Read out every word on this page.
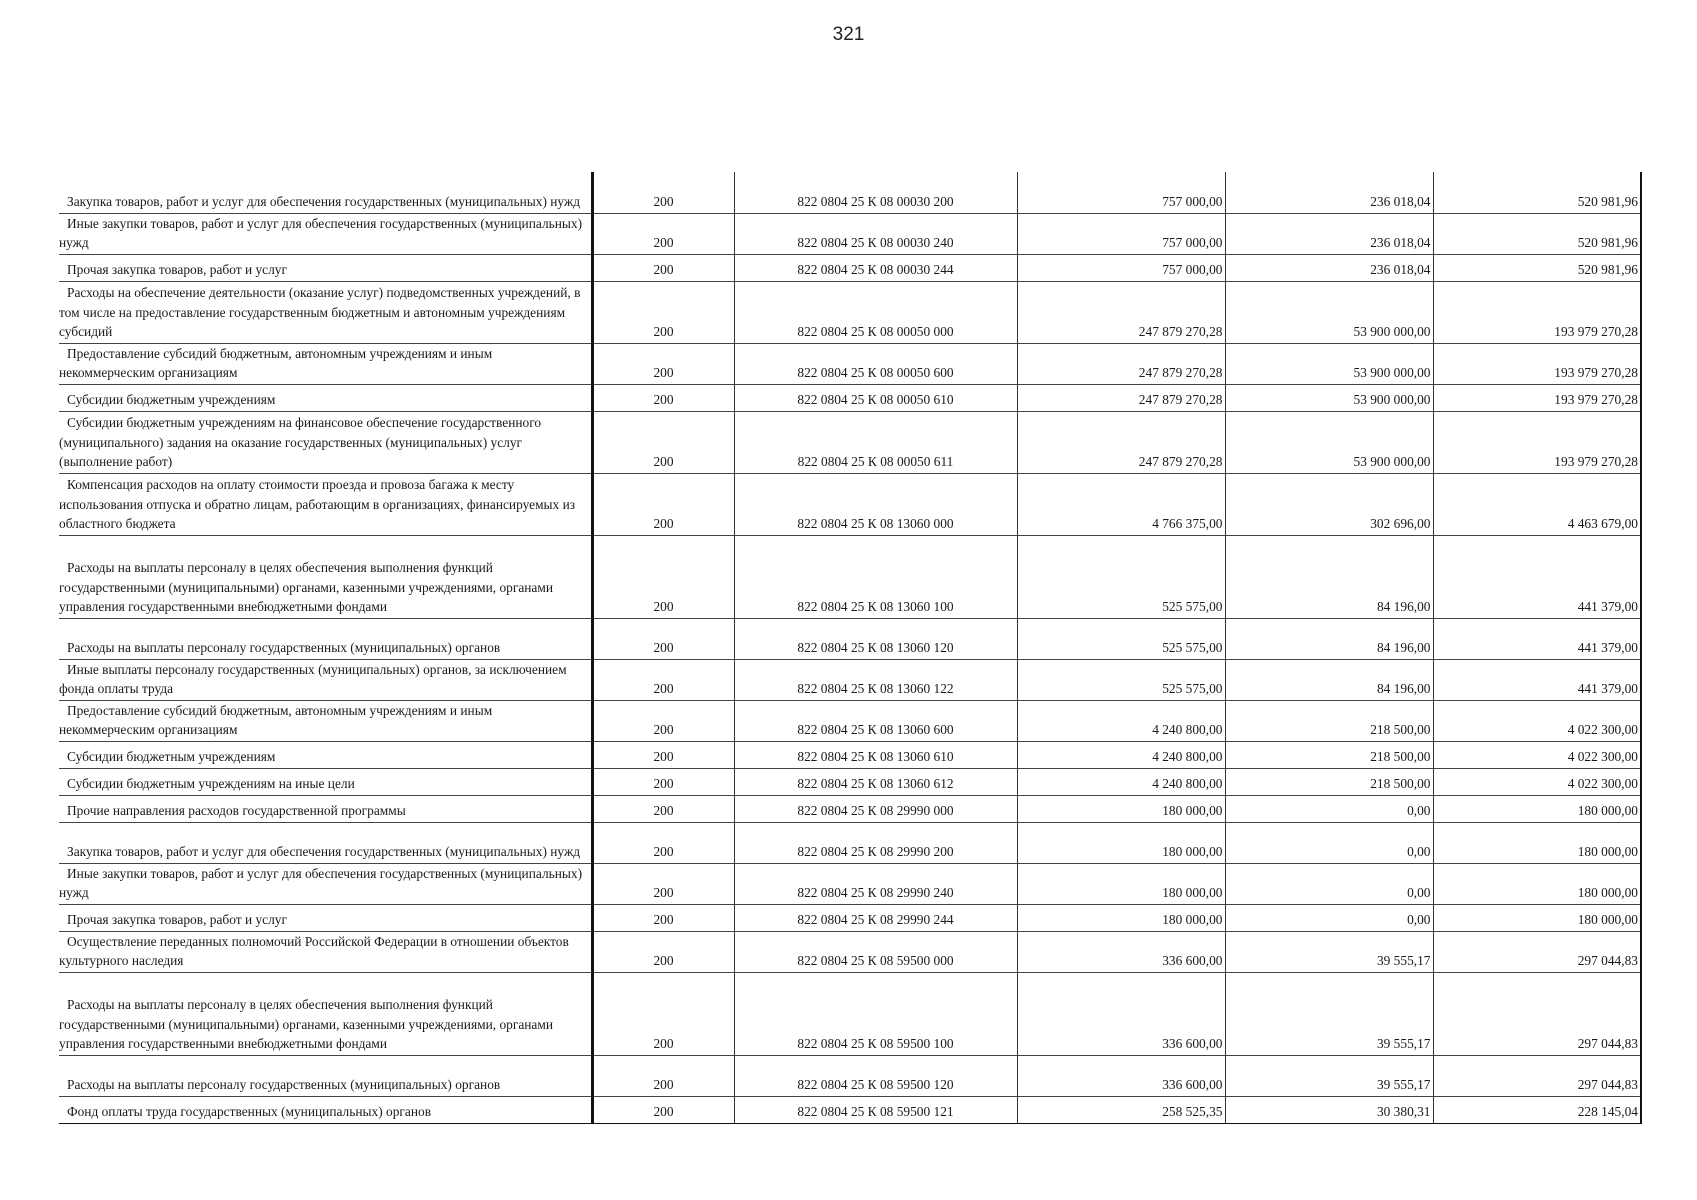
321
Закупка товаров, работ и услуг для обеспечения государственных (муниципальных) нужд	200	822 0804 25 К 08 00030 200	757 000,00	236 018,04	520 981,96
Иные закупки товаров, работ и услуг для обеспечения государственных (муниципальных) нужд	200	822 0804 25 К 08 00030 240	757 000,00	236 018,04	520 981,96
Прочая закупка товаров, работ и услуг	200	822 0804 25 К 08 00030 244	757 000,00	236 018,04	520 981,96
Расходы на обеспечение деятельности (оказание услуг) подведомственных учреждений, в том числе на предоставление государственным бюджетным и автономным учреждениям субсидий	200	822 0804 25 К 08 00050 000	247 879 270,28	53 900 000,00	193 979 270,28
Предоставление субсидий бюджетным, автономным учреждениям и иным некоммерческим организациям	200	822 0804 25 К 08 00050 600	247 879 270,28	53 900 000,00	193 979 270,28
Субсидии бюджетным учреждениям	200	822 0804 25 К 08 00050 610	247 879 270,28	53 900 000,00	193 979 270,28
Субсидии бюджетным учреждениям на финансовое обеспечение государственного (муниципального) задания на оказание государственных (муниципальных) услуг (выполнение работ)	200	822 0804 25 К 08 00050 611	247 879 270,28	53 900 000,00	193 979 270,28
Компенсация расходов на оплату стоимости проезда и провоза багажа к месту использования отпуска и обратно лицам, работающим в организациях, финансируемых из областного бюджета	200	822 0804 25 К 08 13060 000	4 766 375,00	302 696,00	4 463 679,00
Расходы на выплаты персоналу в целях обеспечения выполнения функций государственными (муниципальными) органами, казенными учреждениями, органами управления государственными внебюджетными фондами	200	822 0804 25 К 08 13060 100	525 575,00	84 196,00	441 379,00
Расходы на выплаты персоналу государственных (муниципальных) органов	200	822 0804 25 К 08 13060 120	525 575,00	84 196,00	441 379,00
Иные выплаты персоналу государственных (муниципальных) органов, за исключением фонда оплаты труда	200	822 0804 25 К 08 13060 122	525 575,00	84 196,00	441 379,00
Предоставление субсидий бюджетным, автономным учреждениям и иным некоммерческим организациям	200	822 0804 25 К 08 13060 600	4 240 800,00	218 500,00	4 022 300,00
Субсидии бюджетным учреждениям	200	822 0804 25 К 08 13060 610	4 240 800,00	218 500,00	4 022 300,00
Субсидии бюджетным учреждениям на иные цели	200	822 0804 25 К 08 13060 612	4 240 800,00	218 500,00	4 022 300,00
Прочие направления расходов государственной программы	200	822 0804 25 К 08 29990 000	180 000,00	0,00	180 000,00
Закупка товаров, работ и услуг для обеспечения государственных (муниципальных) нужд	200	822 0804 25 К 08 29990 200	180 000,00	0,00	180 000,00
Иные закупки товаров, работ и услуг для обеспечения государственных (муниципальных) нужд	200	822 0804 25 К 08 29990 240	180 000,00	0,00	180 000,00
Прочая закупка товаров, работ и услуг	200	822 0804 25 К 08 29990 244	180 000,00	0,00	180 000,00
Осуществление переданных полномочий Российской Федерации в отношении объектов культурного наследия	200	822 0804 25 К 08 59500 000	336 600,00	39 555,17	297 044,83
Расходы на выплаты персоналу в целях обеспечения выполнения функций государственными (муниципальными) органами, казенными учреждениями, органами управления государственными внебюджетными фондами	200	822 0804 25 К 08 59500 100	336 600,00	39 555,17	297 044,83
Расходы на выплаты персоналу государственных (муниципальных) органов	200	822 0804 25 К 08 59500 120	336 600,00	39 555,17	297 044,83
Фонд оплаты труда государственных (муниципальных) органов	200	822 0804 25 К 08 59500 121	258 525,35	30 380,31	228 145,04
